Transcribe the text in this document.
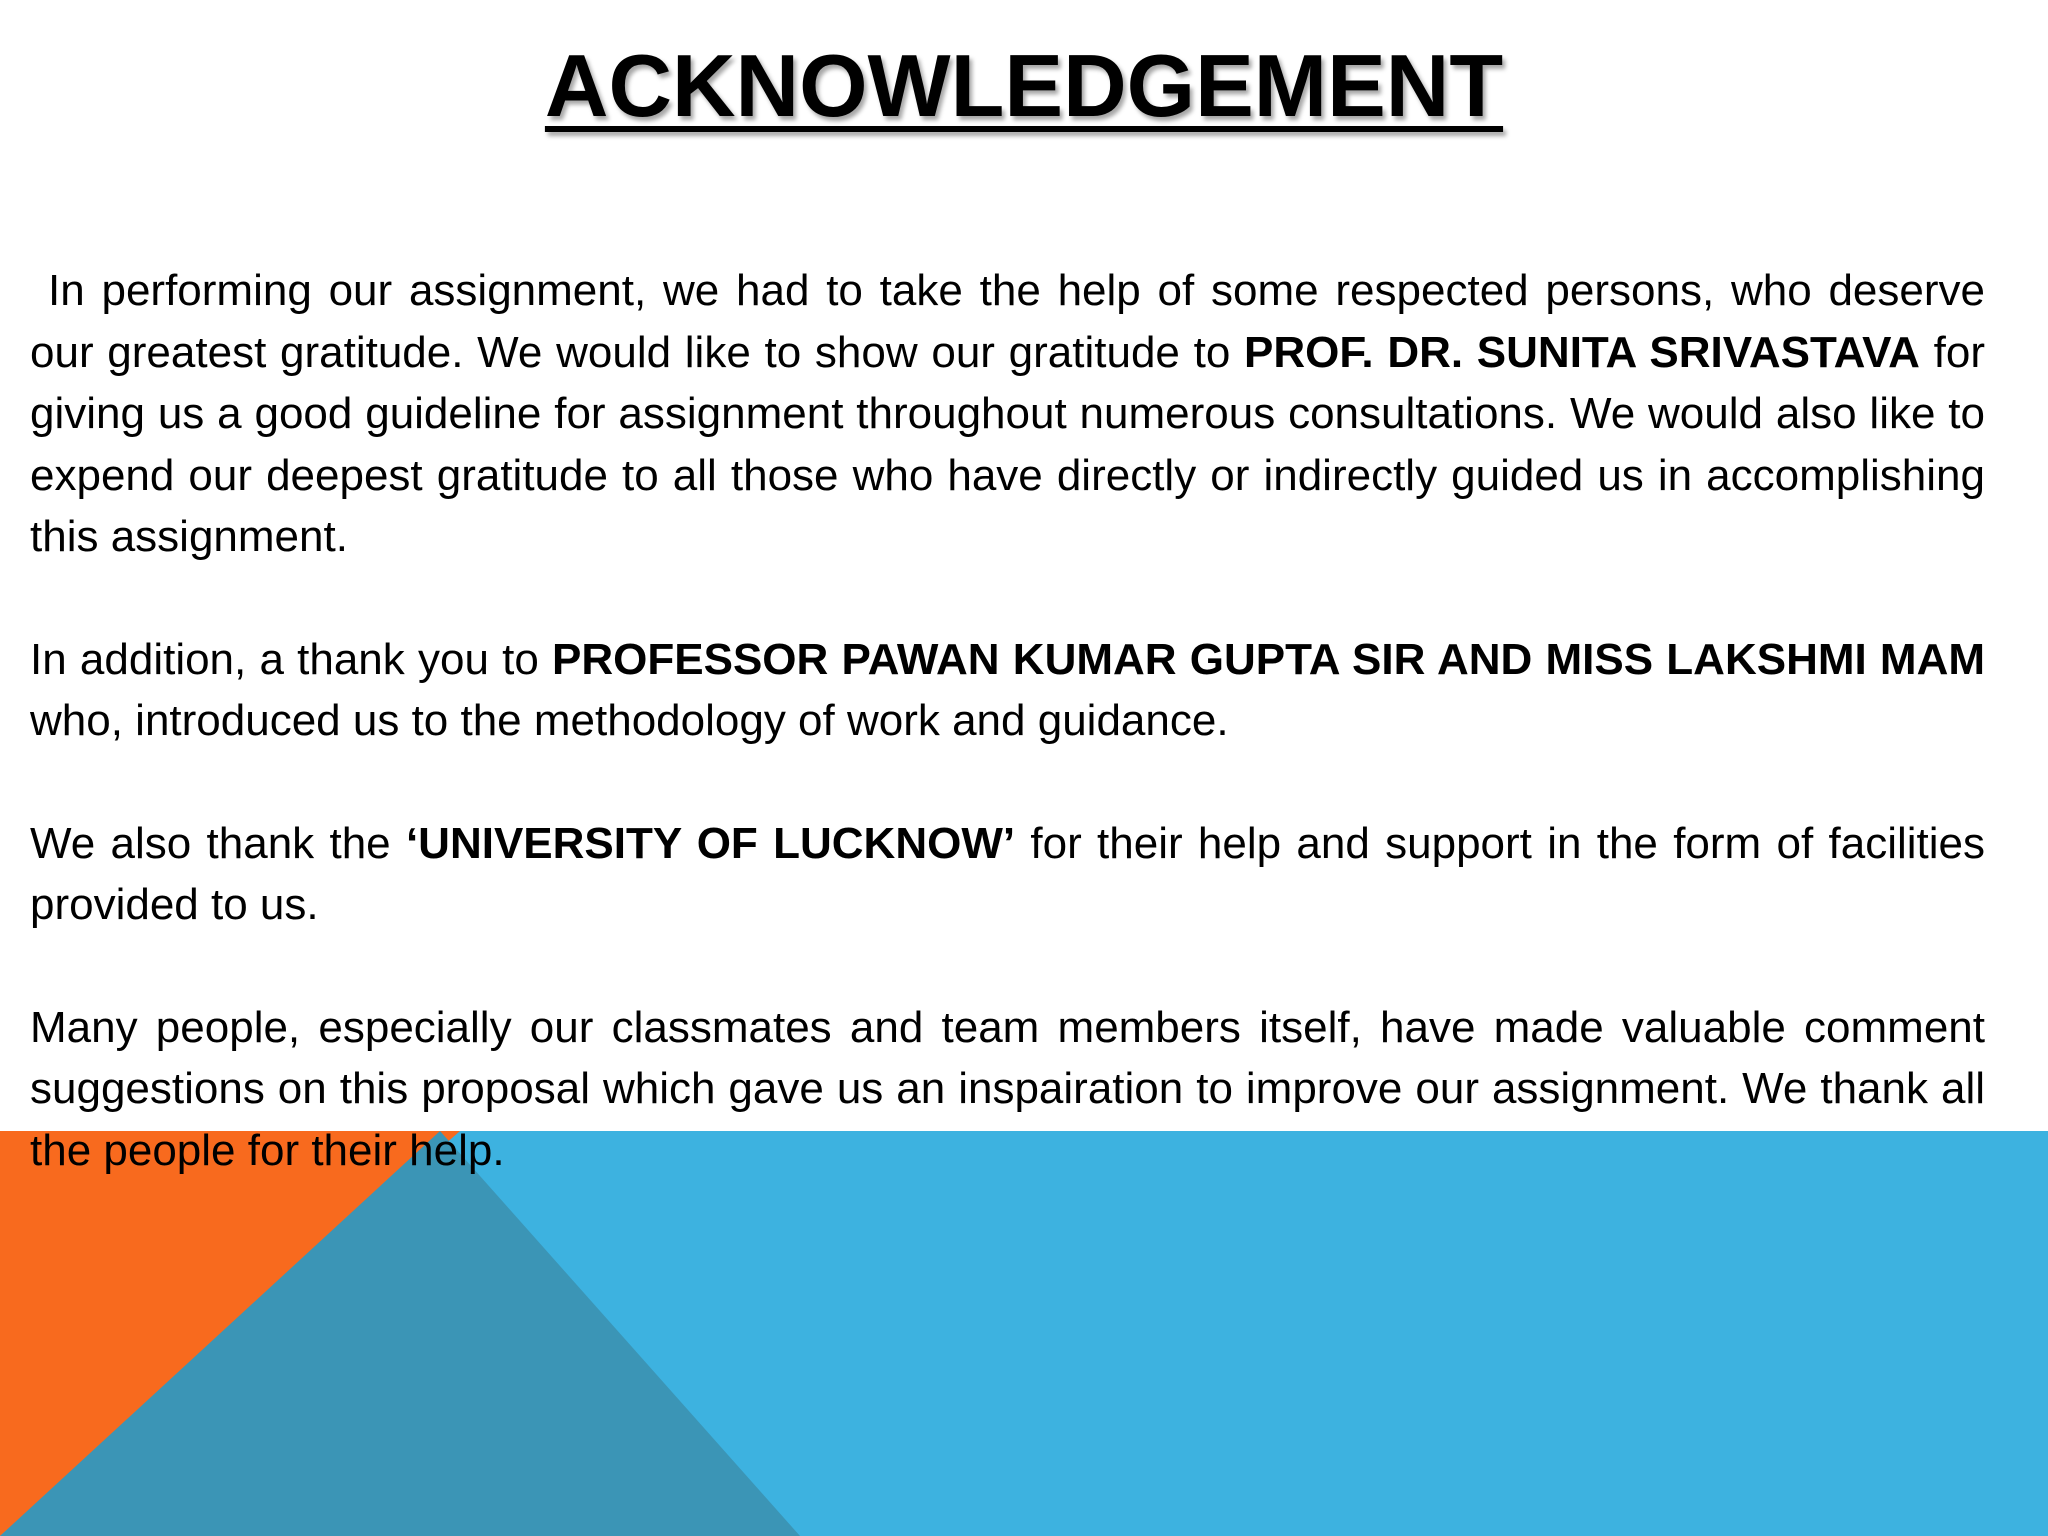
ACKNOWLEDGEMENT

In performing our assignment, we had to take the help of some respected persons, who deserve our greatest gratitude. We would like to show our gratitude to PROF. DR. SUNITA SRIVASTAVA for giving us a good guideline for assignment throughout numerous consultations. We would also like to expend our deepest gratitude to all those who have directly or indirectly guided us in accomplishing this assignment.

In addition, a thank you to PROFESSOR PAWAN KUMAR GUPTA SIR AND MISS LAKSHMI MAM who, introduced us to the methodology of work and guidance.

We also thank the ‘UNIVERSITY OF LUCKNOW’ for their help and support in the form of facilities provided to us.

Many people, especially our classmates and team members itself, have made valuable comment suggestions on this proposal which gave us an inspairation to improve our assignment. We thank all the people for their help.
